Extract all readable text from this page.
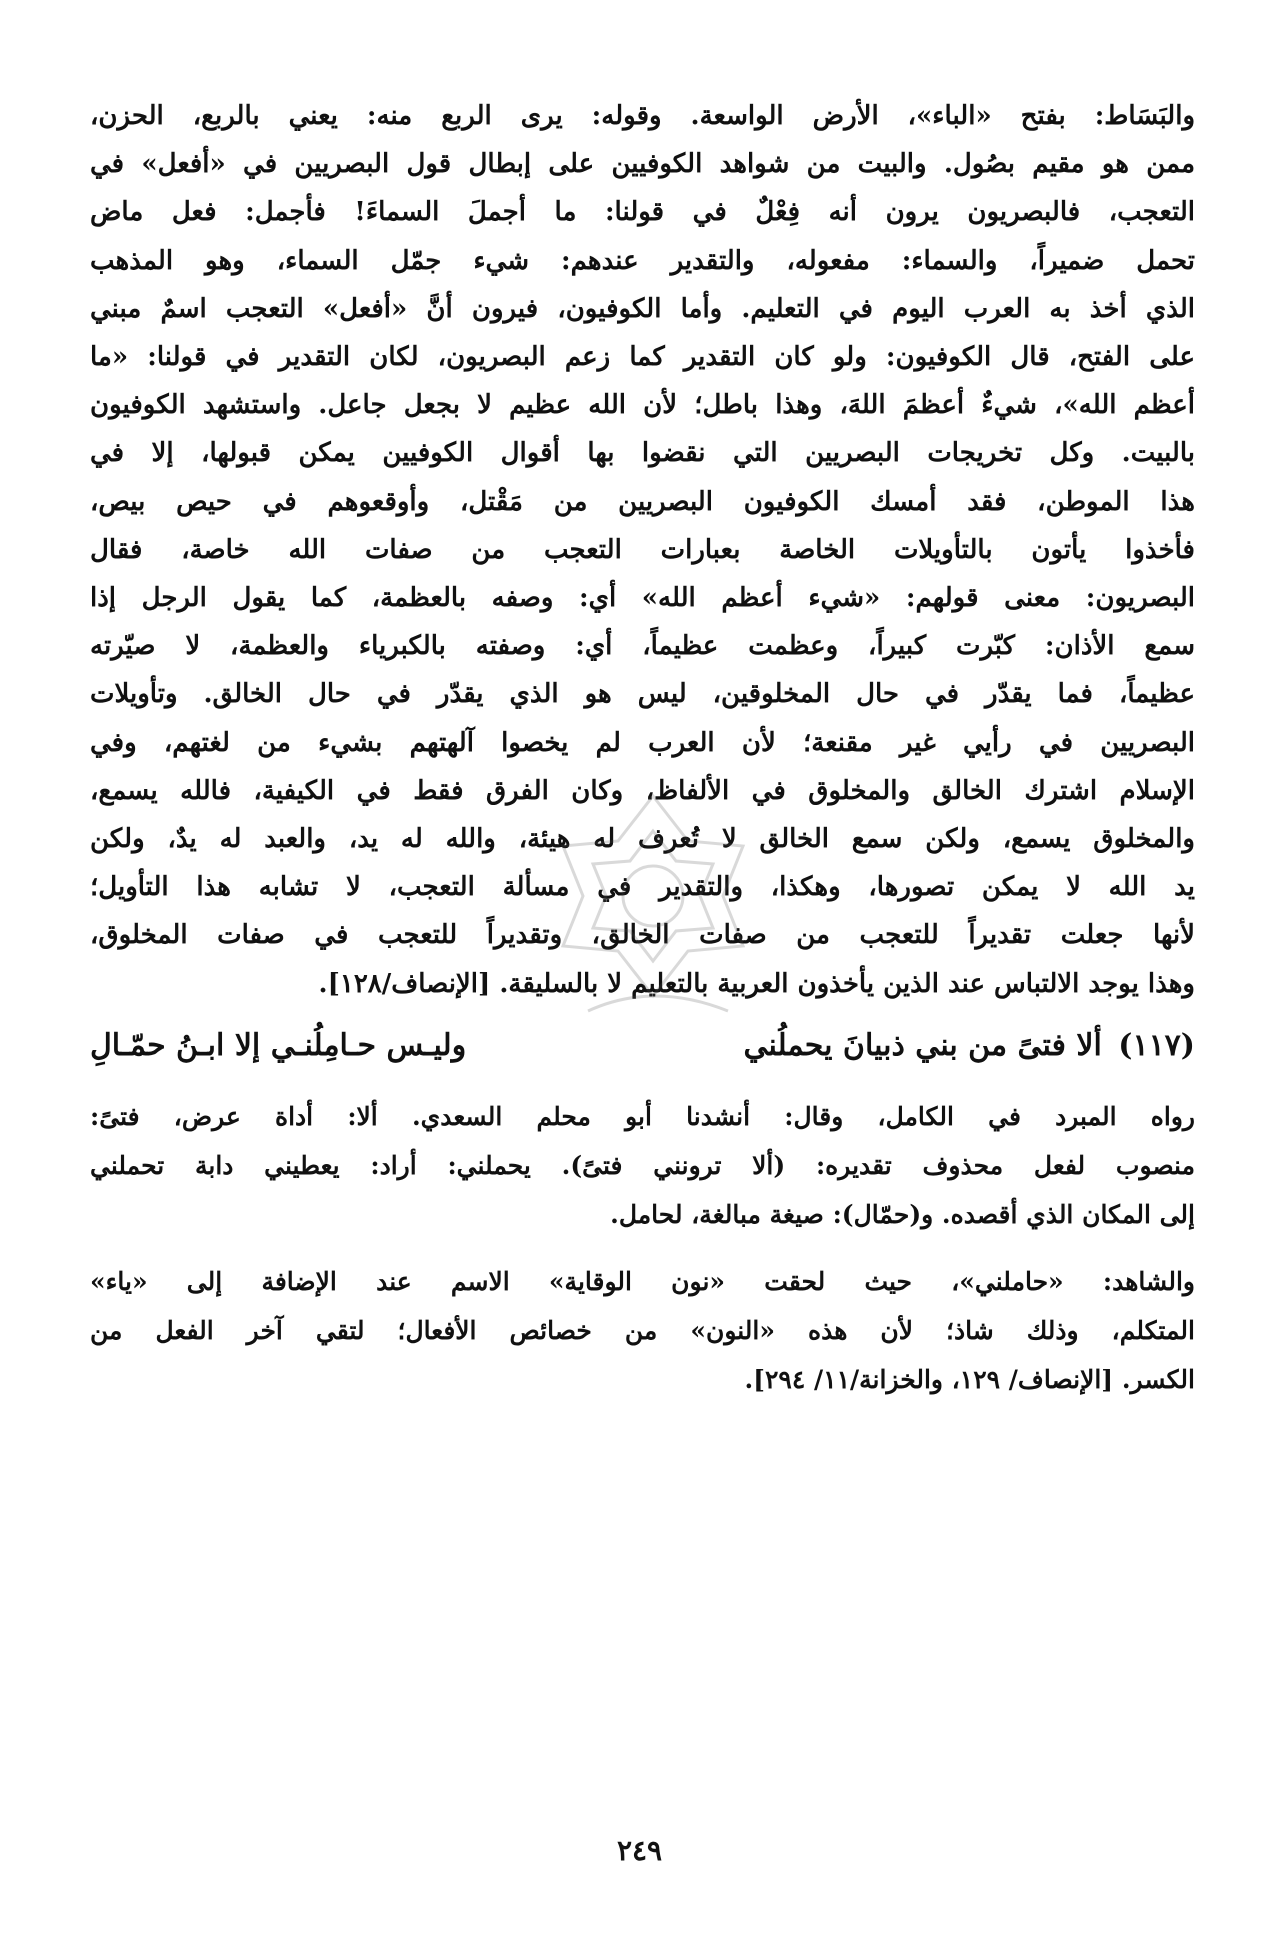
والبَسَاط: بفتح «الباء»، الأرض الواسعة. وقوله: يرى الربع منه: يعني بالربع، الحزن،
ممن هو مقيم بصُول. والبيت من شواهد الكوفيين على إبطال قول البصريين في «أفعل» في
التعجب، فالبصريون يرون أنه فِعْلٌ في قولنا: ما أجملَ السماءَ! فأجمل: فعل ماض
تحمل ضميراً، والسماء: مفعوله، والتقدير عندهم: شيء جمّل السماء، وهو المذهب
الذي أخذ به العرب اليوم في التعليم. وأما الكوفيون، فيرون أنَّ «أفعل» التعجب اسمٌ مبني
على الفتح، قال الكوفيون: ولو كان التقدير كما زعم البصريون، لكان التقدير في قولنا: «ما
أعظم الله»، شيءٌ أعظمَ اللهَ، وهذا باطل؛ لأن الله عظيم لا بجعل جاعل. واستشهد الكوفيون
بالبيت. وكل تخريجات البصريين التي نقضوا بها أقوال الكوفيين يمكن قبولها، إلا في
هذا الموطن، فقد أمسك الكوفيون البصريين من مَقْتل، وأوقعوهم في حيص بيص،
فأخذوا يأتون بالتأويلات الخاصة بعبارات التعجب من صفات الله خاصة، فقال
البصريون: معنى قولهم: «شيء أعظم الله» أي: وصفه بالعظمة، كما يقول الرجل إذا
سمع الأذان: كبّرت كبيراً، وعظمت عظيماً، أي: وصفته بالكبرياء والعظمة، لا صيّرته
عظيماً، فما يقدّر في حال المخلوقين، ليس هو الذي يقدّر في حال الخالق. وتأويلات
البصريين في رأيي غير مقنعة؛ لأن العرب لم يخصوا آلهتهم بشيء من لغتهم، وفي
الإسلام اشترك الخالق والمخلوق في الألفاظ، وكان الفرق فقط في الكيفية، فالله يسمع،
والمخلوق يسمع، ولكن سمع الخالق لا تُعرف له هيئة، والله له يد، والعبد له يدٌ، ولكن
يد الله لا يمكن تصورها، وهكذا، والتقدير في مسألة التعجب، لا تشابه هذا التأويل؛
لأنها جعلت تقديراً للتعجب من صفات الخالق، وتقديراً للتعجب في صفات المخلوق،
وهذا يوجد الالتباس عند الذين يأخذون العربية بالتعليم لا بالسليقة. [الإنصاف/١٢٨].
(١١٧) ألا فتىً من بني ذبيانَ يحملُني
وليـس حـامِلُنـي إلا ابـنُ حمّـالِ
رواه المبرد في الكامل، وقال: أنشدنا أبو محلم السعدي. ألا: أداة عرض، فتىً:
منصوب لفعل محذوف تقديره: (ألا ترونني فتىً). يحملني: أراد: يعطيني دابة تحملني
إلى المكان الذي أقصده. و(حمّال): صيغة مبالغة، لحامل.
والشاهد: «حاملني»، حيث لحقت «نون الوقاية» الاسم عند الإضافة إلى «ياء»
المتكلم، وذلك شاذ؛ لأن هذه «النون» من خصائص الأفعال؛ لتقي آخر الفعل من
الكسر. [الإنصاف/ ١٢٩، والخزانة/١١/ ٢٩٤].
٢٤٩
